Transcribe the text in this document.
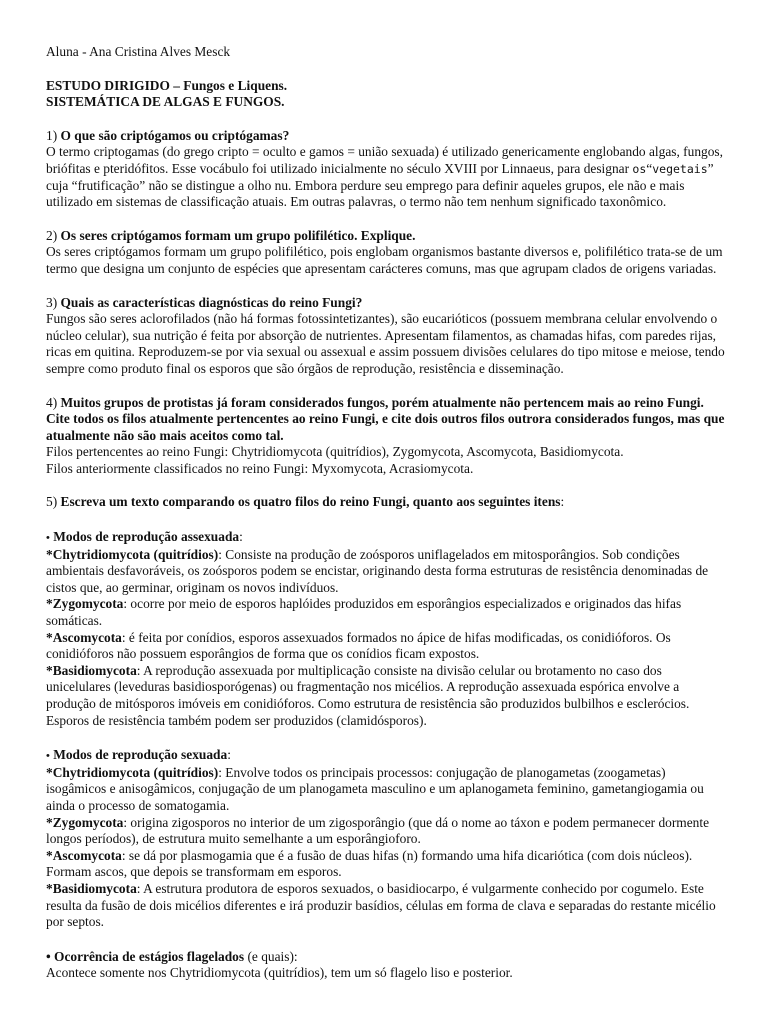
Aluna - Ana Cristina Alves Mesck

ESTUDO DIRIGIDO – Fungos e Liquens.

SISTEMÁTICA DE ALGAS E FUNGOS.

1) O que são criptógamos ou criptógamas?

O termo criptogamas (do grego cripto = oculto e gamos = união sexuada) é utilizado genericamente englobando algas, fungos, briófitas e pteridófitos. Esse vocábulo foi utilizado inicialmente no século XVIII por Linnaeus, para designar os“vegetais” cuja “frutificação” não se distingue a olho nu. Embora perdure seu emprego para definir aqueles grupos, ele não e mais utilizado em sistemas de classificação atuais. Em outras palavras, o termo não tem nenhum significado taxonômico.

2) Os seres criptógamos formam um grupo polifilético. Explique.

Os seres criptógamos formam um grupo polifilético, pois englobam organismos bastante diversos e, polifilético trata-se de um termo que designa um conjunto de espécies que apresentam carácteres comuns, mas que agrupam clados de origens variadas.

3) Quais as características diagnósticas do reino Fungi?

Fungos são seres aclorofilados (não há formas fotossintetizantes), são eucarióticos (possuem membrana celular envolvendo o núcleo celular), sua nutrição é feita por absorção de nutrientes. Apresentam filamentos, as chamadas hifas, com paredes rijas, ricas em quitina. Reproduzem-se por via sexual ou assexual e assim possuem divisões celulares do tipo mitose e meiose, tendo sempre como produto final os esporos que são órgãos de reprodução, resistência e disseminação.

4) Muitos grupos de protistas já foram considerados fungos, porém atualmente não pertencem mais ao reino Fungi. Cite todos os filos atualmente pertencentes ao reino Fungi, e cite dois outros filos outrora considerados fungos, mas que atualmente não são mais aceitos como tal.

Filos pertencentes ao reino Fungi: Chytridiomycota (quitrídios), Zygomycota, Ascomycota, Basidiomycota.

Filos anteriormente classificados no reino Fungi: Myxomycota, Acrasiomycota.

5) Escreva um texto comparando os quatro filos do reino Fungi, quanto aos seguintes itens:

• Modos de reprodução assexuada:

*Chytridiomycota (quitrídios): Consiste na produção de zoósporos uniflagelados em mitosporângios. Sob condições ambientais desfavoráveis, os zoósporos podem se encistar, originando desta forma estruturas de resistência denominadas de cistos que, ao germinar, originam os novos indivíduos.

*Zygomycota: ocorre por meio de esporos haplóides produzidos em esporângios especializados e originados das hifas somáticas.

*Ascomycota: é feita por conídios, esporos assexuados formados no ápice de hifas modificadas, os conidióforos. Os conidióforos não possuem esporângios de forma que os conídios ficam expostos.

*Basidiomycota: A reprodução assexuada por multiplicação consiste na divisão celular ou brotamento no caso dos unicelulares (leveduras basidiosporógenas) ou fragmentação nos micélios. A reprodução assexuada espórica envolve a produção de mitósporos imóveis em conidióforos. Como estrutura de resistência são produzidos bulbilhos e esclerócios. Esporos de resistência também podem ser produzidos (clamidósporos).

• Modos de reprodução sexuada:

*Chytridiomycota (quitrídios): Envolve todos os principais processos: conjugação de planogametas (zoogametas) isogâmicos e anisogâmicos, conjugação de um planogameta masculino e um aplanogameta feminino, gametangiogamia ou ainda o processo de somatogamia.

*Zygomycota: origina zigosporos no interior de um zigosporângio (que dá o nome ao táxon e podem permanecer dormente longos períodos), de estrutura muito semelhante a um esporângioforo.

*Ascomycota: se dá por plasmogamia que é a fusão de duas hifas (n) formando uma hifa dicariótica (com dois núcleos). Formam ascos, que depois se transformam em esporos.

*Basidiomycota: A estrutura produtora de esporos sexuados, o basidiocarpo, é vulgarmente conhecido por cogumelo. Este resulta da fusão de dois micélios diferentes e irá produzir basídios, células em forma de clava e separadas do restante micélio por septos.

• Ocorrência de estágios flagelados (e quais):

Acontece somente nos Chytridiomycota (quitrídios), tem um só flagelo liso e posterior.
